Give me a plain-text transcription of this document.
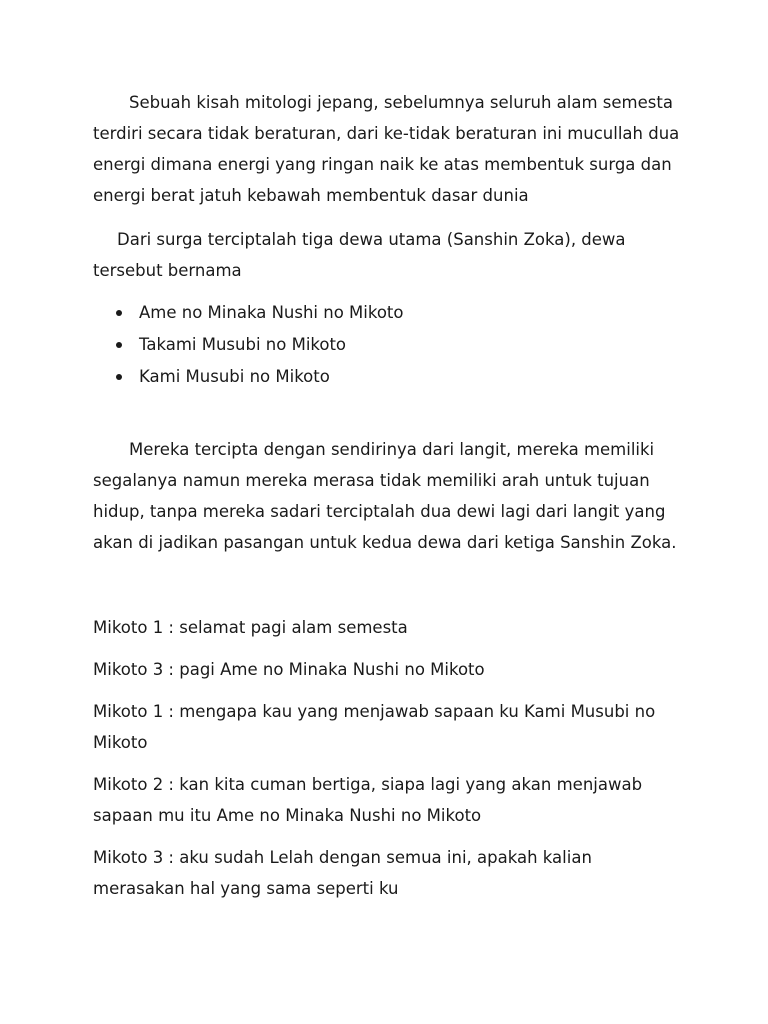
Sebuah kisah mitologi jepang, sebelumnya seluruh alam semesta terdiri secara tidak beraturan, dari ke-tidak beraturan ini mucullah dua energi dimana energi yang ringan naik ke atas membentuk surga dan energi berat jatuh kebawah membentuk dasar dunia

Dari surga terciptalah tiga dewa utama (Sanshin Zoka), dewa tersebut bernama

Ame no Minaka Nushi no Mikoto
Takami Musubi no Mikoto
Kami Musubi no Mikoto

Mereka tercipta dengan sendirinya dari langit, mereka memiliki segalanya namun mereka merasa tidak memiliki arah untuk tujuan hidup, tanpa mereka sadari terciptalah dua dewi lagi dari langit yang akan di jadikan pasangan untuk kedua dewa dari ketiga Sanshin Zoka.

Mikoto 1 : selamat pagi alam semesta

Mikoto 3 : pagi Ame no Minaka Nushi no Mikoto

Mikoto 1 : mengapa kau yang menjawab sapaan ku Kami Musubi no Mikoto

Mikoto 2 : kan kita cuman bertiga, siapa lagi yang akan menjawab sapaan mu itu Ame no Minaka Nushi no Mikoto

Mikoto 3 : aku sudah Lelah dengan semua ini, apakah kalian merasakan hal yang sama seperti ku
